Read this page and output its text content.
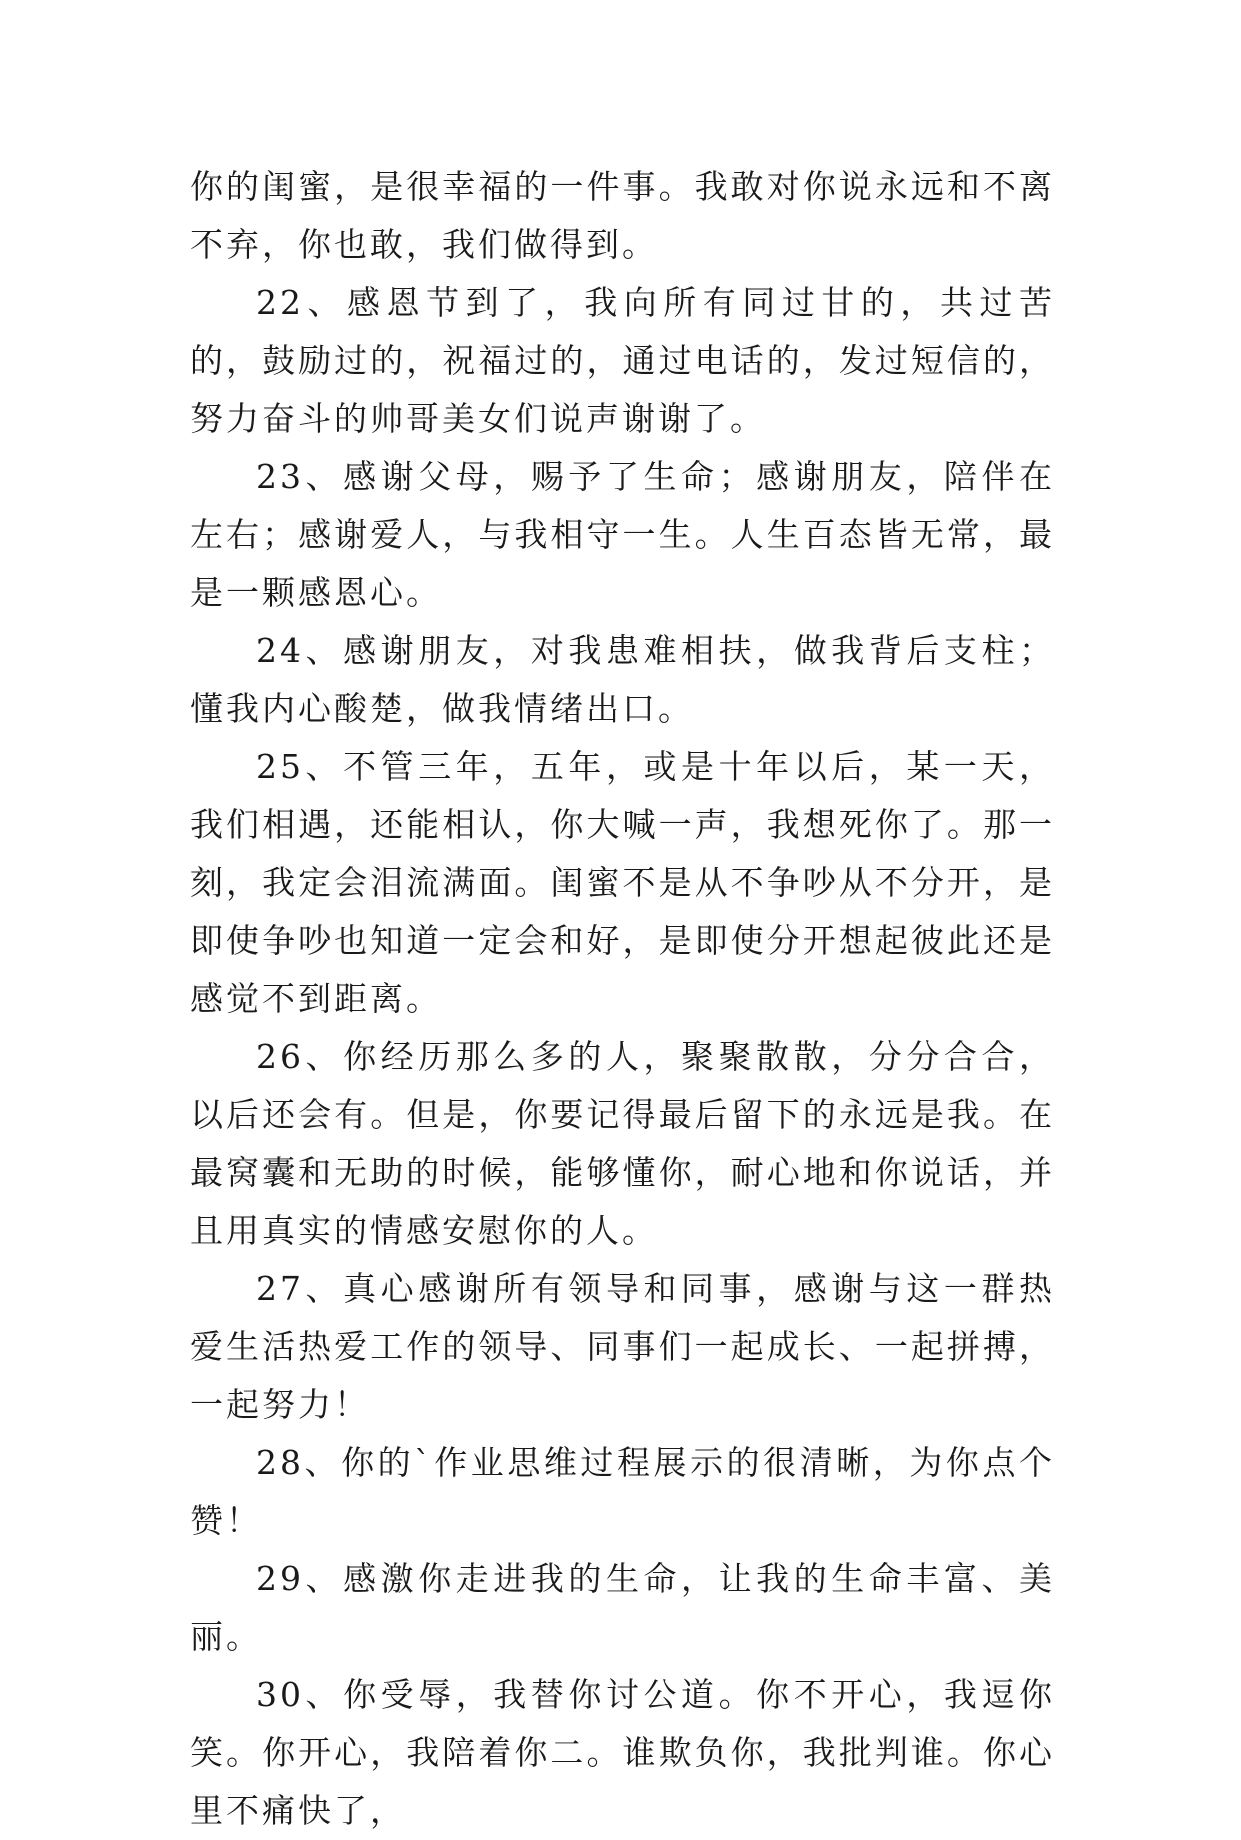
你的闺蜜，是很幸福的一件事。我敢对你说永远和不离不弃，你也敢，我们做得到。

22、感恩节到了，我向所有同过甘的，共过苦的，鼓励过的，祝福过的，通过电话的，发过短信的，努力奋斗的帅哥美女们说声谢谢了。

23、感谢父母，赐予了生命；感谢朋友，陪伴在左右；感谢爱人，与我相守一生。人生百态皆无常，最是一颗感恩心。

24、感谢朋友，对我患难相扶，做我背后支柱；懂我内心酸楚，做我情绪出口。

25、不管三年，五年，或是十年以后，某一天，我们相遇，还能相认，你大喊一声，我想死你了。那一刻，我定会泪流满面。闺蜜不是从不争吵从不分开，是即使争吵也知道一定会和好，是即使分开想起彼此还是感觉不到距离。

26、你经历那么多的人，聚聚散散，分分合合，以后还会有。但是，你要记得最后留下的永远是我。在最窝囊和无助的时候，能够懂你，耐心地和你说话，并且用真实的情感安慰你的人。

27、真心感谢所有领导和同事，感谢与这一群热爱生活热爱工作的领导、同事们一起成长、一起拼搏，一起努力！

28、你的`作业思维过程展示的很清晰，为你点个赞！

29、感激你走进我的生命，让我的生命丰富、美丽。

30、你受辱，我替你讨公道。你不开心，我逗你笑。你开心，我陪着你二。谁欺负你，我批判谁。你心里不痛快了，
